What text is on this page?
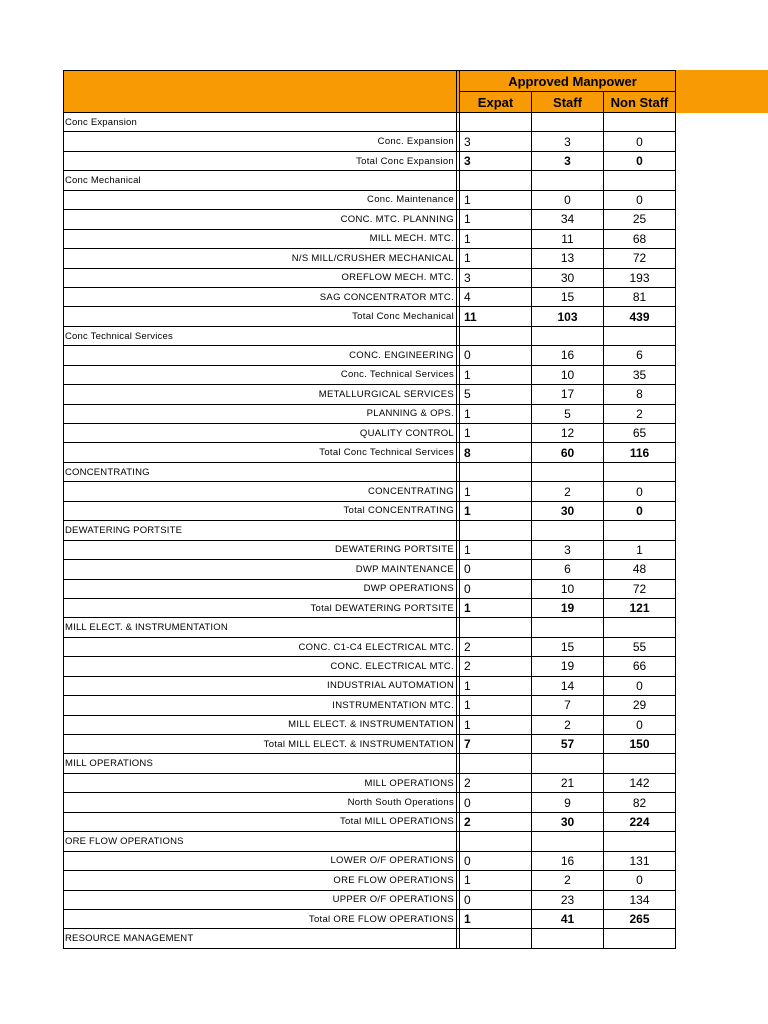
		Approved Manpower		
		Expat	Staff	Non Staff
Conc Expansion				
Conc. Expansion		3	3	0
Total Conc Expansion		3	3	0
Conc Mechanical				
Conc. Maintenance		1	0	0
CONC. MTC. PLANNING		1	34	25
MILL MECH. MTC.		1	11	68
N/S MILL/CRUSHER MECHANICAL		1	13	72
OREFLOW MECH. MTC.		3	30	193
SAG CONCENTRATOR MTC.		4	15	81
Total Conc Mechanical		11	103	439
Conc Technical Services				
CONC. ENGINEERING		0	16	6
Conc. Technical Services		1	10	35
METALLURGICAL SERVICES		5	17	8
PLANNING & OPS.		1	5	2
QUALITY CONTROL		1	12	65
Total Conc Technical Services		8	60	116
CONCENTRATING				
CONCENTRATING		1	2	0
Total CONCENTRATING		1	30	0
DEWATERING PORTSITE				
DEWATERING PORTSITE		1	3	1
DWP MAINTENANCE		0	6	48
DWP OPERATIONS		0	10	72
Total DEWATERING PORTSITE		1	19	121
MILL ELECT. & INSTRUMENTATION				
CONC. C1-C4 ELECTRICAL MTC.		2	15	55
CONC. ELECTRICAL MTC.		2	19	66
INDUSTRIAL AUTOMATION		1	14	0
INSTRUMENTATION MTC.		1	7	29
MILL ELECT. & INSTRUMENTATION		1	2	0
Total MILL ELECT. & INSTRUMENTATION		7	57	150
MILL OPERATIONS				
MILL OPERATIONS		2	21	142
North South Operations		0	9	82
Total MILL OPERATIONS		2	30	224
ORE FLOW OPERATIONS				
LOWER O/F OPERATIONS		0	16	131
ORE FLOW OPERATIONS		1	2	0
UPPER O/F OPERATIONS		0	23	134
Total ORE FLOW OPERATIONS		1	41	265
RESOURCE MANAGEMENT				
